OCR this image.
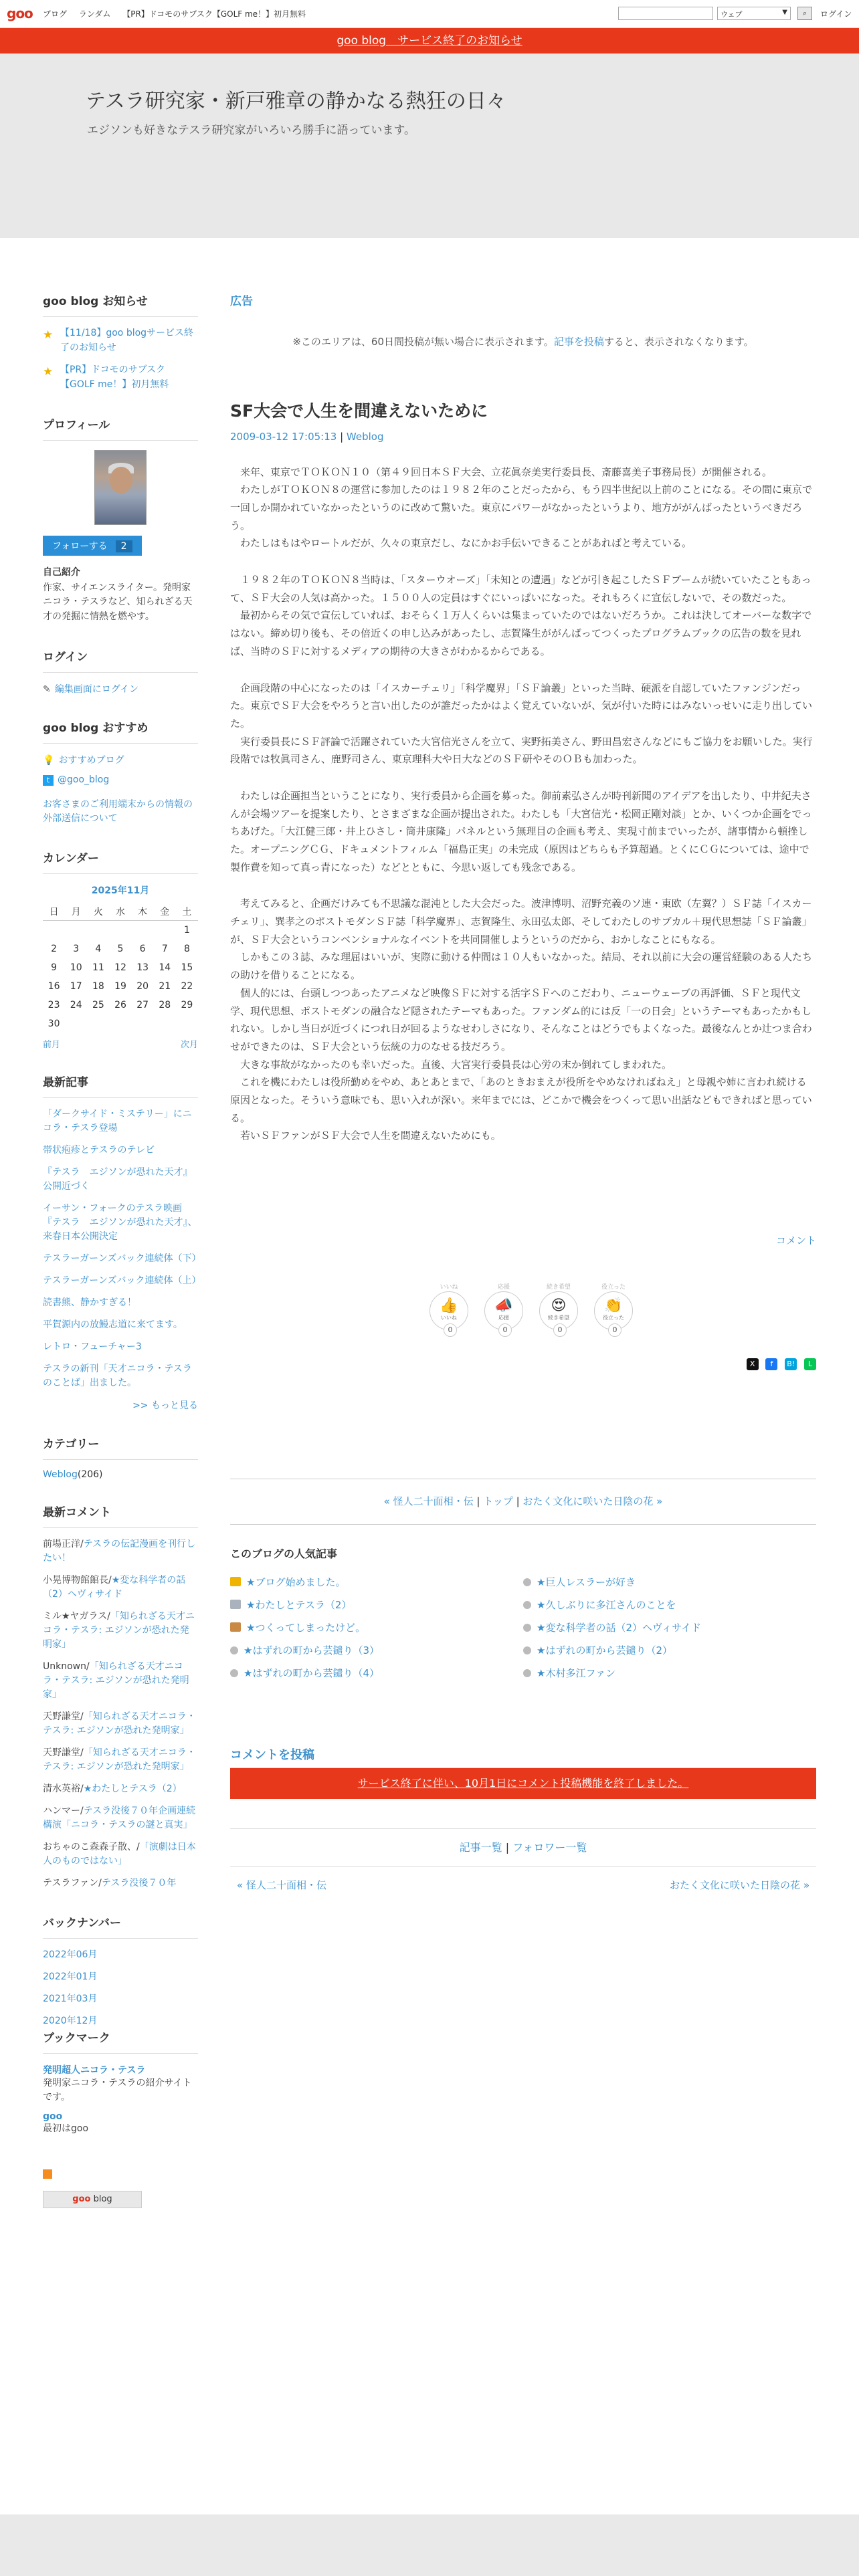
goo ブログ ランダム 【PR】ドコモのサブスク【GOLF me！】初月無料	ウェブ	▼	⌕	ログイン
goo blog　サービス終了のお知らせ
テスラ研究家・新戸雅章の静かなる熱狂の日々
エジソンも好きなテスラ研究家がいろいろ勝手に語っています。
goo blog お知らせ
★ 【11/18】goo blogサービス終了のお知らせ
★ 【PR】ドコモのサブスク【GOLF me！】初月無料
プロフィール
フォローする 2
自己紹介
作家、サイエンスライター。発明家ニコラ・テスラなど、知られざる天才の発掘に情熱を燃やす。
ログイン
✎ 編集画面にログイン
goo blog おすすめ
💡 おすすめブログ
t @goo_blog
お客さまのご利用端末からの情報の外部送信について
カレンダー
2025年11月
日	月	火	水	木	金	土
						1
2	3	4	5	6	7	8
9	10	11	12	13	14	15
16	17	18	19	20	21	22
23	24	25	26	27	28	29
30						
前月	次月
最新記事
「ダークサイド・ミステリー」にニコラ・テスラ登場
帯状疱疹とテスラのテレビ
『テスラ　エジソンが恐れた天才』公開近づく
イーサン・フォークのテスラ映画『テスラ　エジソンが恐れた天才』、来春日本公開決定
テスラーガーンズバック連続体（下）
テスラーガーンズバック連続体（上）
読書熊、静かすぎる！
平賀源内の放鰻志道に来てます。
レトロ・フューチャー3
テスラの新刊「天才ニコラ・テスラのことば」出ました。
>> もっと見る
カテゴリー
Weblog(206)
最新コメント
前場正洋/テスラの伝記漫画を刊行したい！
小晃博物館館長/★変な科学者の話（2）ヘヴィサイド
ミル★ヤガラス/「知られざる天才ニコラ・テスラ: エジソンが恐れた発明家」
Unknown/「知られざる天才ニコラ・テスラ: エジソンが恐れた発明家」
天野謙堂/「知られざる天才ニコラ・テスラ: エジソンが恐れた発明家」
天野謙堂/「知られざる天才ニコラ・テスラ: エジソンが恐れた発明家」
清水英裕/★わたしとテスラ（2）
ハンマー/テスラ没後７０年企画連続構演「ニコラ・テスラの謎と真実」
おちゃのこ森森子散、/「演劇は日本人のものではない」
テスラファン/テスラ没後７０年
バックナンバー
2022年06月
2022年01月
2021年03月
2020年12月
ブックマーク
発明超人ニコラ・テスラ
発明家ニコラ・テスラの紹介サイトです。
goo
最初はgoo
goo blog
広告
※このエリアは、60日間投稿が無い場合に表示されます。記事を投稿すると、表示されなくなります。
SF大会で人生を間違えないために
2009-03-12 17:05:13 | Weblog

来年、東京でＴＯＫＯＮ１０（第４９回日本ＳＦ大会、立花眞奈美実行委員長、斎藤喜美子事務局長）が開催される。

わたしがＴＯＫＯＮ８の運営に参加したのは１９８２年のことだったから、もう四半世紀以上前のことになる。その間に東京で一回しか開かれていなかったというのに改めて驚いた。東京にパワーがなかったというより、地方ががんばったというべきだろう。

わたしはもはやロートルだが、久々の東京だし、なにかお手伝いできることがあればと考えている。

１９８２年のＴＯＫＯＮ８当時は、「スターウオーズ」「未知との遭遇」などが引き起こしたＳＦブームが続いていたこともあって、ＳＦ大会の人気は高かった。１５００人の定員はすぐにいっぱいになった。それもろくに宣伝しないで、その数だった。

最初からその気で宣伝していれば、おそらく１万人くらいは集まっていたのではないだろうか。これは決してオーバーな数字ではない。締め切り後も、その倍近くの申し込みがあったし、志賀隆生ががんばってつくったプログラムブックの広告の数を見れば、当時のＳＦに対するメディアの期待の大きさがわかるからである。

企画段階の中心になったのは「イスカーチェリ」「科学魔界」「ＳＦ論叢」といった当時、硬派を自認していたファンジンだった。東京でＳＦ大会をやろうと言い出したのが誰だったかはよく覚えていないが、気が付いた時にはみないっせいに走り出していた。

実行委員長にＳＦ評論で活躍されていた大宮信光さんを立て、実野拓美さん、野田昌宏さんなどにもご協力をお願いした。実行段階では牧眞司さん、鹿野司さん、東京理科大や日大などのＳＦ研やそのＯＢも加わった。

わたしは企画担当ということになり、実行委員から企画を募った。御前素弘さんが時刊新聞のアイデアを出したり、中井紀夫さんが会場ツアーを提案したり、とさまざまな企画が提出された。わたしも「大宮信光・松岡正剛対談」とか、いくつか企画をでっちあげた。「大江健三郎・井上ひさし・筒井康隆」パネルという無理目の企画も考え、実現寸前までいったが、諸事情から頓挫した。オープニングＣＧ、ドキュメントフィルム「福島正実」の未完成（原因はどちらも予算超過。とくにＣＧについては、途中で製作費を知って真っ青になった）などとともに、今思い返しても残念である。

考えてみると、企画だけみても不思議な混沌とした大会だった。波津博明、沼野充義のソ連・東欧（左翼？）ＳＦ誌「イスカーチェリ」、巽孝之のポストモダンＳＦ誌「科学魔界」、志賀隆生、永田弘太郎、そしてわたしのサブカル＋現代思想誌「ＳＦ論叢」が、ＳＦ大会というコンベンショナルなイベントを共同開催しようというのだから、おかしなことにもなる。

しかもこの３誌、みな理屈はいいが、実際に動ける仲間は１０人もいなかった。結局、それ以前に大会の運営経験のある人たちの助けを借りることになる。

個人的には、台頭しつつあったアニメなど映像ＳＦに対する活字ＳＦへのこだわり、ニューウェーブの再評価、ＳＦと現代文学、現代思想、ポストモダンの融合など隠されたテーマもあった。ファンダム的には反「一の日会」というテーマもあったかもしれない。しかし当日が近づくにつれ日が回るようなせわしさになり、そんなことはどうでもよくなった。最後なんとか辻つま合わせができたのは、ＳＦ大会という伝統の力のなせる技だろう。

大きな事故がなかったのも幸いだった。直後、大宮実行委員長は心労の末か倒れてしまわれた。

これを機にわたしは役所勤めをやめ、あとあとまで、「あのときおまえが役所をやめなければねえ」と母親や姉に言われ続ける原因となった。そういう意味でも、思い入れが深い。来年までには、どこかで機会をつくって思い出話などもできればと思っている。

若いＳＦファンがＳＦ大会で人生を間違えないためにも。

コメント
いいね
👍
いいね
0
応援
📣
応援
0
続き希望
😍
続き希望
0
役立った
👏
役立った
0
X f B! L
« 怪人二十面相・伝 | トップ | おたく文化に咲いた日陰の花 »
このブログの人気記事
★ブログ始めました。	★巨人レスラーが好き
★わたしとテスラ（2）	★久しぶりに多江さんのことを
★つくってしまったけど。	★変な科学者の話（2）ヘヴィサイド
★はずれの町から芸鑓り（3）	★はずれの町から芸鑓り（2）
★はずれの町から芸鑓り（4）	★木村多江ファン
コメントを投稿
サービス終了に伴い、10月1日にコメント投稿機能を終了しました。
記事一覧 | フォロワー一覧
« 怪人二十面相・伝	おたく文化に咲いた日陰の花 »
